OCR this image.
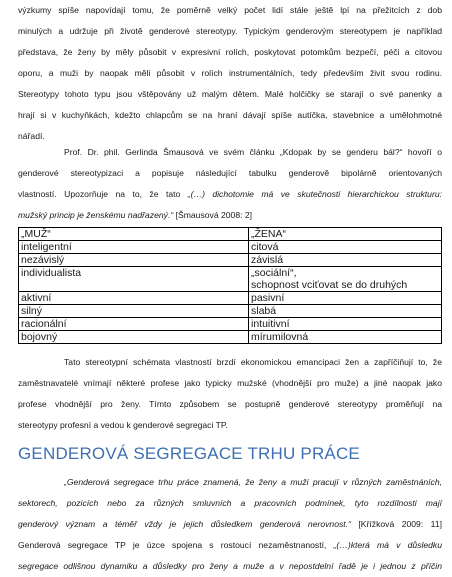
výzkumy spíše napovídají tomu, že poměrně velký počet lidí stále ještě lpí na přežitcích z dob
minulých a udržuje při životě genderové stereotypy. Typickým genderovým stereotypem je například
představa, že ženy by měly působit v expresivní rolích, poskytovat potomkům bezpečí, péči a citovou
oporu, a muži by naopak měli působit v rolích instrumentálních, tedy především živit svou rodinu.
Stereotypy tohoto typu jsou vštěpovány už malým dětem. Malé holčičky se starají o své panenky a
hrají si v kuchyňkách, kdežto chlapcům se na hraní dávají spíše autíčka, stavebnice a umělohmotné
nářadí.
Prof. Dr. phil. Gerlinda Šmausová ve svém článku „Kdopak by se genderu bál?“ hovoří o
genderové stereotypizaci a popisuje následující tabulku genderově bipolárně orientovaných
vlastností. Upozorňuje na to, že tato „(…) dichotomie má ve skutečnosti hierarchickou strukturu:
mužský princip je ženskému nadřazený.“ [Šmausová 2008: 2]
„MUŽ“	„ŽENA“
inteligentní	citová
nezávislý	závislá
individualista	„sociální“,
schopnost vciťovat se do druhých
aktivní	pasivní
silný	slabá
racionální	intuitivní
bojovný	mírumilovná
Tato stereotypní schémata vlastností brzdí ekonomickou emancipaci žen a zapříčiňují to, že
zaměstnavatelé vnímají některé profese jako typicky mužské (vhodnější pro muže) a jiné naopak jako
profese vhodnější pro ženy. Tímto způsobem se postupně genderové stereotypy proměňují na
stereotypy profesní a vedou k genderové segregaci TP.
GENDEROVÁ SEGREGACE TRHU PRÁCE
„Genderová segregace trhu práce znamená, že ženy a muži pracují v různých zaměstnáních,
sektorech, pozicích nebo za různých smluvních a pracovních podmínek, tyto rozdílnosti mají
genderový význam a téměř vždy je jejich důsledkem genderová nerovnost.“ [Křížková 2009: 11]
Genderová segregace TP je úzce spojena s rostoucí nezaměstnaností, „(…)která má v důsledku
segregace odlišnou dynamiku a důsledky pro ženy a muže a v nepostdelní řadě je i jednou z příčin
